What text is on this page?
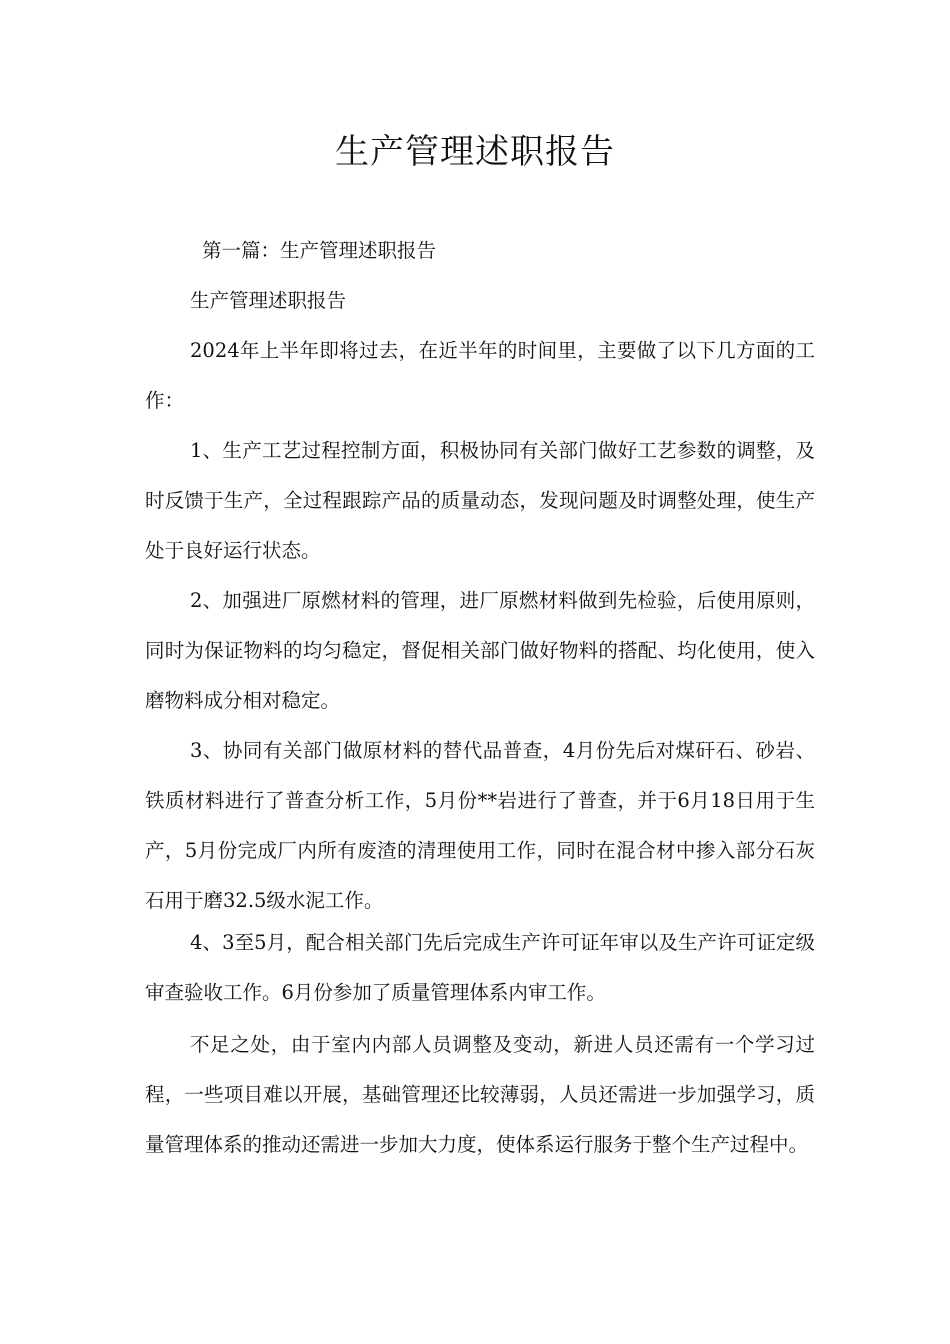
生产管理述职报告

第一篇：生产管理述职报告

生产管理述职报告

2024年上半年即将过去，在近半年的时间里，主要做了以下几方面的工作：

1、生产工艺过程控制方面，积极协同有关部门做好工艺参数的调整，及时反馈于生产，全过程跟踪产品的质量动态，发现问题及时调整处理，使生产处于良好运行状态。

2、加强进厂原燃材料的管理，进厂原燃材料做到先检验，后使用原则，同时为保证物料的均匀稳定，督促相关部门做好物料的搭配、均化使用，使入磨物料成分相对稳定。

3、协同有关部门做原材料的替代品普查，4月份先后对煤矸石、砂岩、铁质材料进行了普查分析工作，5月份**岩进行了普查，并于6月18日用于生产，5月份完成厂内所有废渣的清理使用工作，同时在混合材中掺入部分石灰石用于磨32.5级水泥工作。

4、3至5月，配合相关部门先后完成生产许可证年审以及生产许可证定级审查验收工作。6月份参加了质量管理体系内审工作。

不足之处，由于室内内部人员调整及变动，新进人员还需有一个学习过程，一些项目难以开展，基础管理还比较薄弱，人员还需进一步加强学习，质量管理体系的推动还需进一步加大力度，使体系运行服务于整个生产过程中。
